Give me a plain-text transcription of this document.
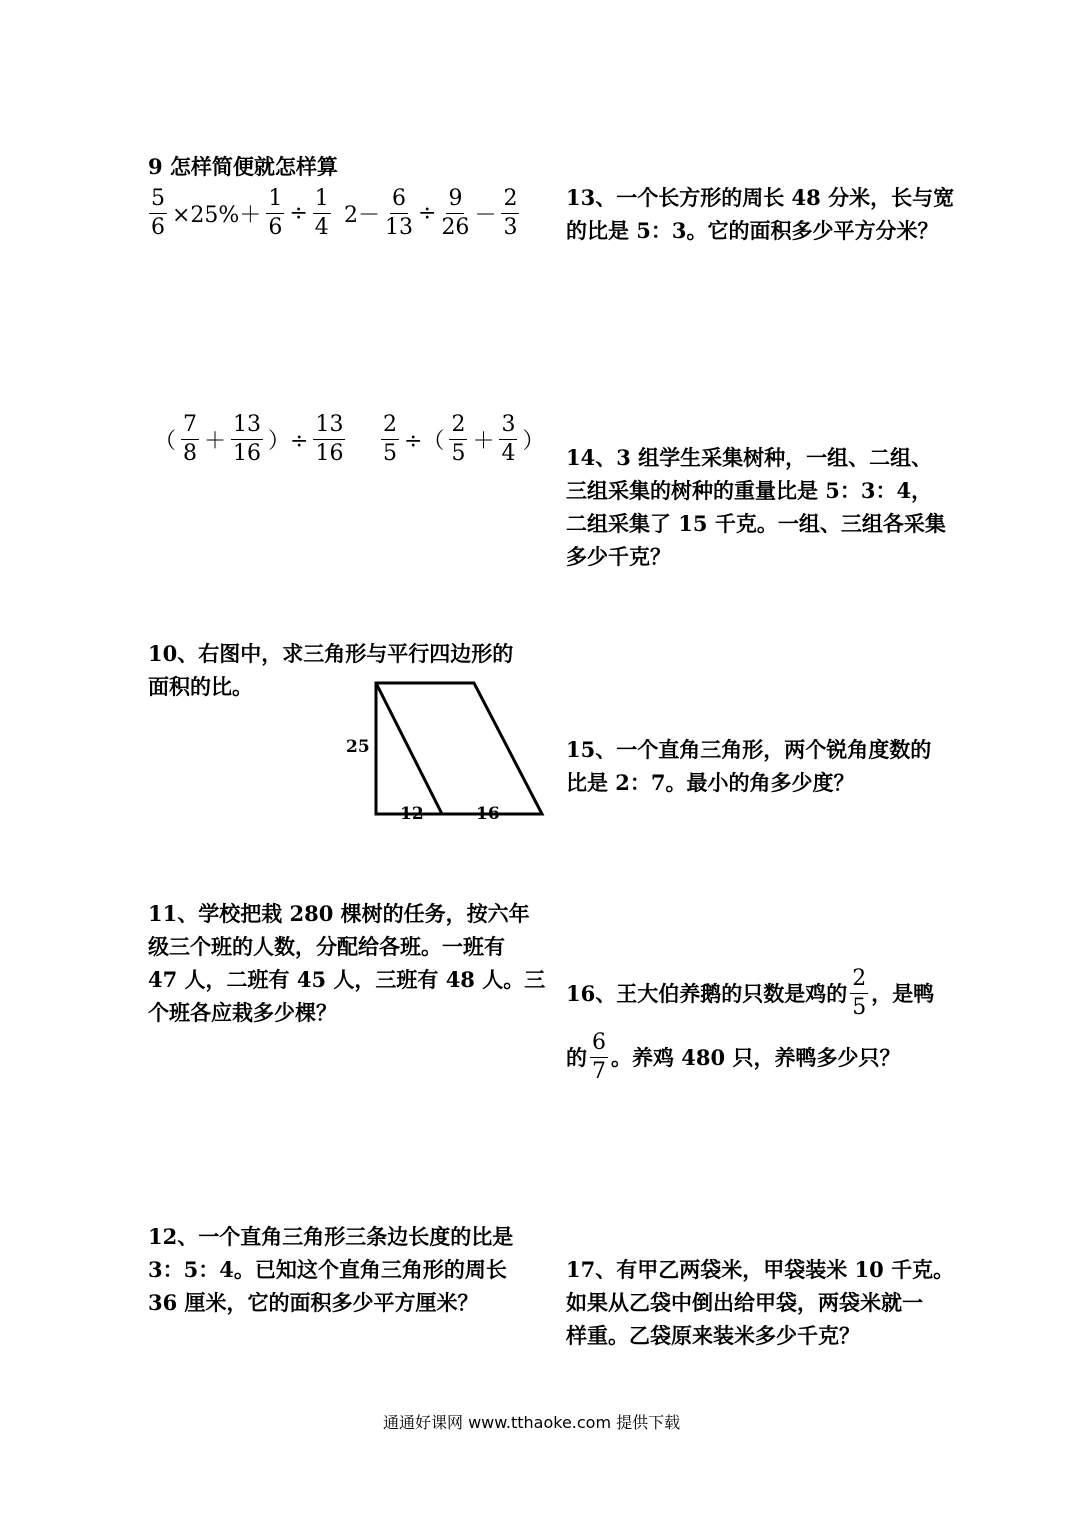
9 怎样简便就怎样算
$\frac{5}{6} \times 25\%+ \frac{1}{6} \div \frac{1}{4} 2- \frac{6}{13} \div \frac{9}{26} - \frac{2}{3}$
（ $\frac{7}{8} + \frac{13}{16}$ ）÷ $\frac{13}{16} \frac{2}{5}$ ÷（ $\frac{2}{5} + \frac{3}{4}$ ）
10、右图中，求三角形与平行四边形的
面积的比。
25
12	16
11、学校把栽 280 棵树的任务，按六年
级三个班的人数，分配给各班。一班有
47 人，二班有 45 人，三班有 48 人。三
个班各应栽多少棵？
12、一个直角三角形三条边长度的比是
3：5：4。已知这个直角三角形的周长
36 厘米，它的面积多少平方厘米？
13、一个长方形的周长 48 分米，长与宽
的比是 5：3。它的面积多少平方分米？
14、3 组学生采集树种，一组、二组、
三组采集的树种的重量比是 5：3：4，
二组采集了 15 千克。一组、三组各采集
多少千克？
15、一个直角三角形，两个锐角度数的
比是 2：7。最小的角多少度？
16、王大伯养鹅的只数是鸡的 $\frac{2}{5}$ ，是鸭
的 $\frac{6}{7}$ 。养鸡 480 只，养鸭多少只？
17、有甲乙两袋米，甲袋装米 10 千克。
如果从乙袋中倒出给甲袋，两袋米就一
样重。乙袋原来装米多少千克？
通通好课网 www.tthaoke.com 提供下载
